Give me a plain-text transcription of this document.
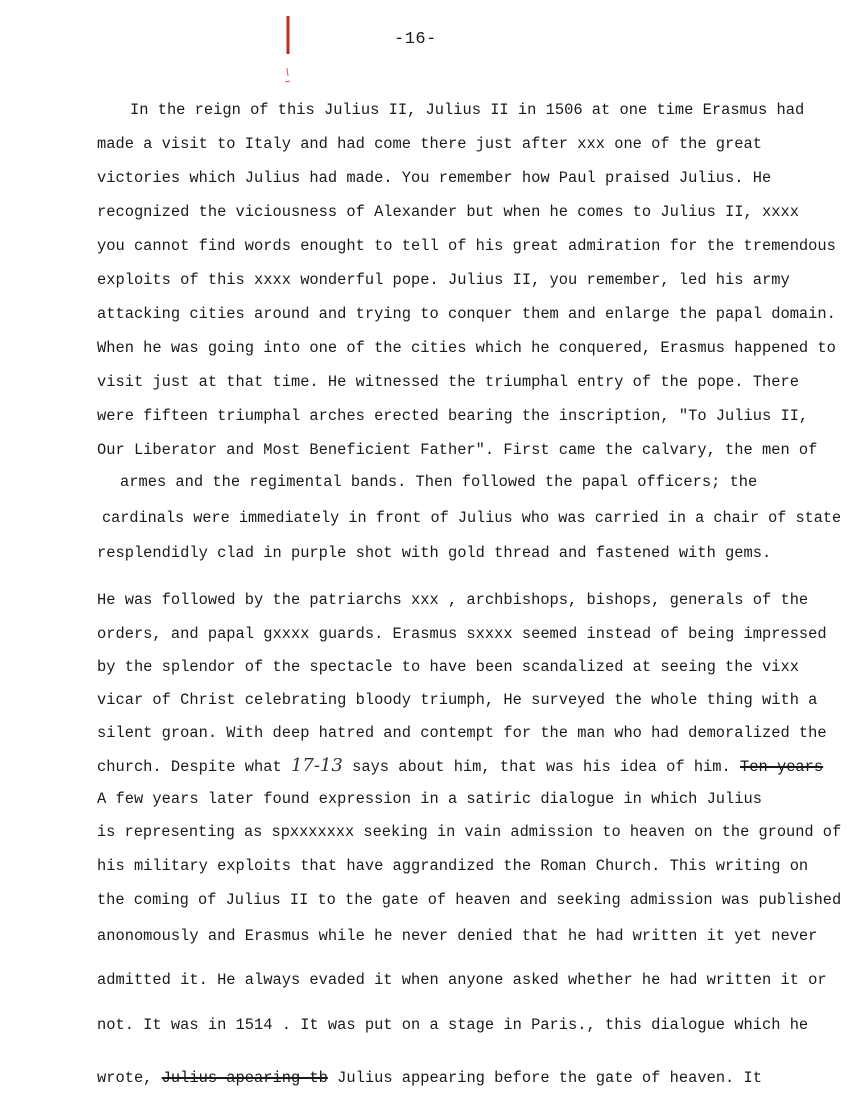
-16-
In the reign of this Julius II, Julius II in 1506 at one time Erasmus had
made a visit to Italy and had come there just after xxx one of the great
victories which Julius had made. You remember how Paul praised Julius. He
recognized the viciousness of Alexander but when he comes to Julius II, xxxx
you cannot find words enought to tell of his great admiration for the tremendous
exploits of this xxxx wonderful pope. Julius II, you remember, led his army
attacking cities around and trying to conquer them and enlarge the papal domain.
When he was going into one of the cities which he conquered, Erasmus happened to
visit just at that time. He witnessed the triumphal entry of the pope. There
were fifteen triumphal arches erected bearing the inscription, "To Julius II,
Our Liberator and Most Beneficient Father". First came the calvary, the men of
armes and the regimental bands. Then followed the papal officers; the
cardinals were immediately in front of Julius who was carried in a chair of state
resplendidly clad in purple shot with gold thread and fastened with gems.
He was followed by the patriarchs xxx , archbishops, bishops, generals of the
orders, and papal gxxxx guards. Erasmus sxxxx seemed instead of being impressed
by the splendor of the spectacle to have been scandalized at seeing the vixx
vicar of Christ celebrating bloody triumph, He surveyed the whole thing with a
silent groan. With deep hatred and contempt for the man who had demoralized the
church. Despite what 17-13 says about him, that was his idea of him. Ten years
A few years later found expression in a satiric dialogue in which Julius
is representing as spxxxxxxx seeking in vain admission to heaven on the ground of
his military exploits that have aggrandized the Roman Church. This writing on
the coming of Julius II to the gate of heaven and seeking admission was published
anonomously and Erasmus while he never denied that he had written it yet never
admitted it. He always evaded it when anyone asked whether he had written it or
not. It was in 1514 . It was put on a stage in Paris., this dialogue which he
wrote, Julius apearing tb Julius appearing before the gate of heaven. It
